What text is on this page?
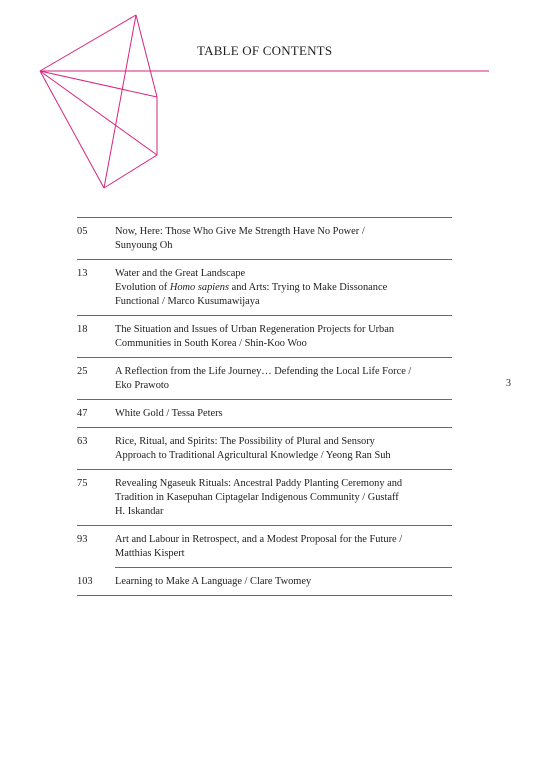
TABLE OF CONTENTS
05	Now, Here: Those Who Give Me Strength Have No Power /
Sunyoung Oh
13	Water and the Great Landscape
Evolution of Homo sapiens and Arts: Trying to Make Dissonance
Functional / Marco Kusumawijaya
18	The Situation and Issues of Urban Regeneration Projects for Urban
Communities in South Korea / Shin-Koo Woo
25	A Reflection from the Life Journey… Defending the Local Life Force /
Eko Prawoto
47	White Gold / Tessa Peters
63	Rice, Ritual, and Spirits: The Possibility of Plural and Sensory
Approach to Traditional Agricultural Knowledge / Yeong Ran Suh
75	Revealing Ngaseuk Rituals: Ancestral Paddy Planting Ceremony and
Tradition in Kasepuhan Ciptagelar Indigenous Community / Gustaff
H. Iskandar
93	Art and Labour in Retrospect, and a Modest Proposal for the Future /
Matthias Kispert
103	Learning to Make A Language / Clare Twomey
3
